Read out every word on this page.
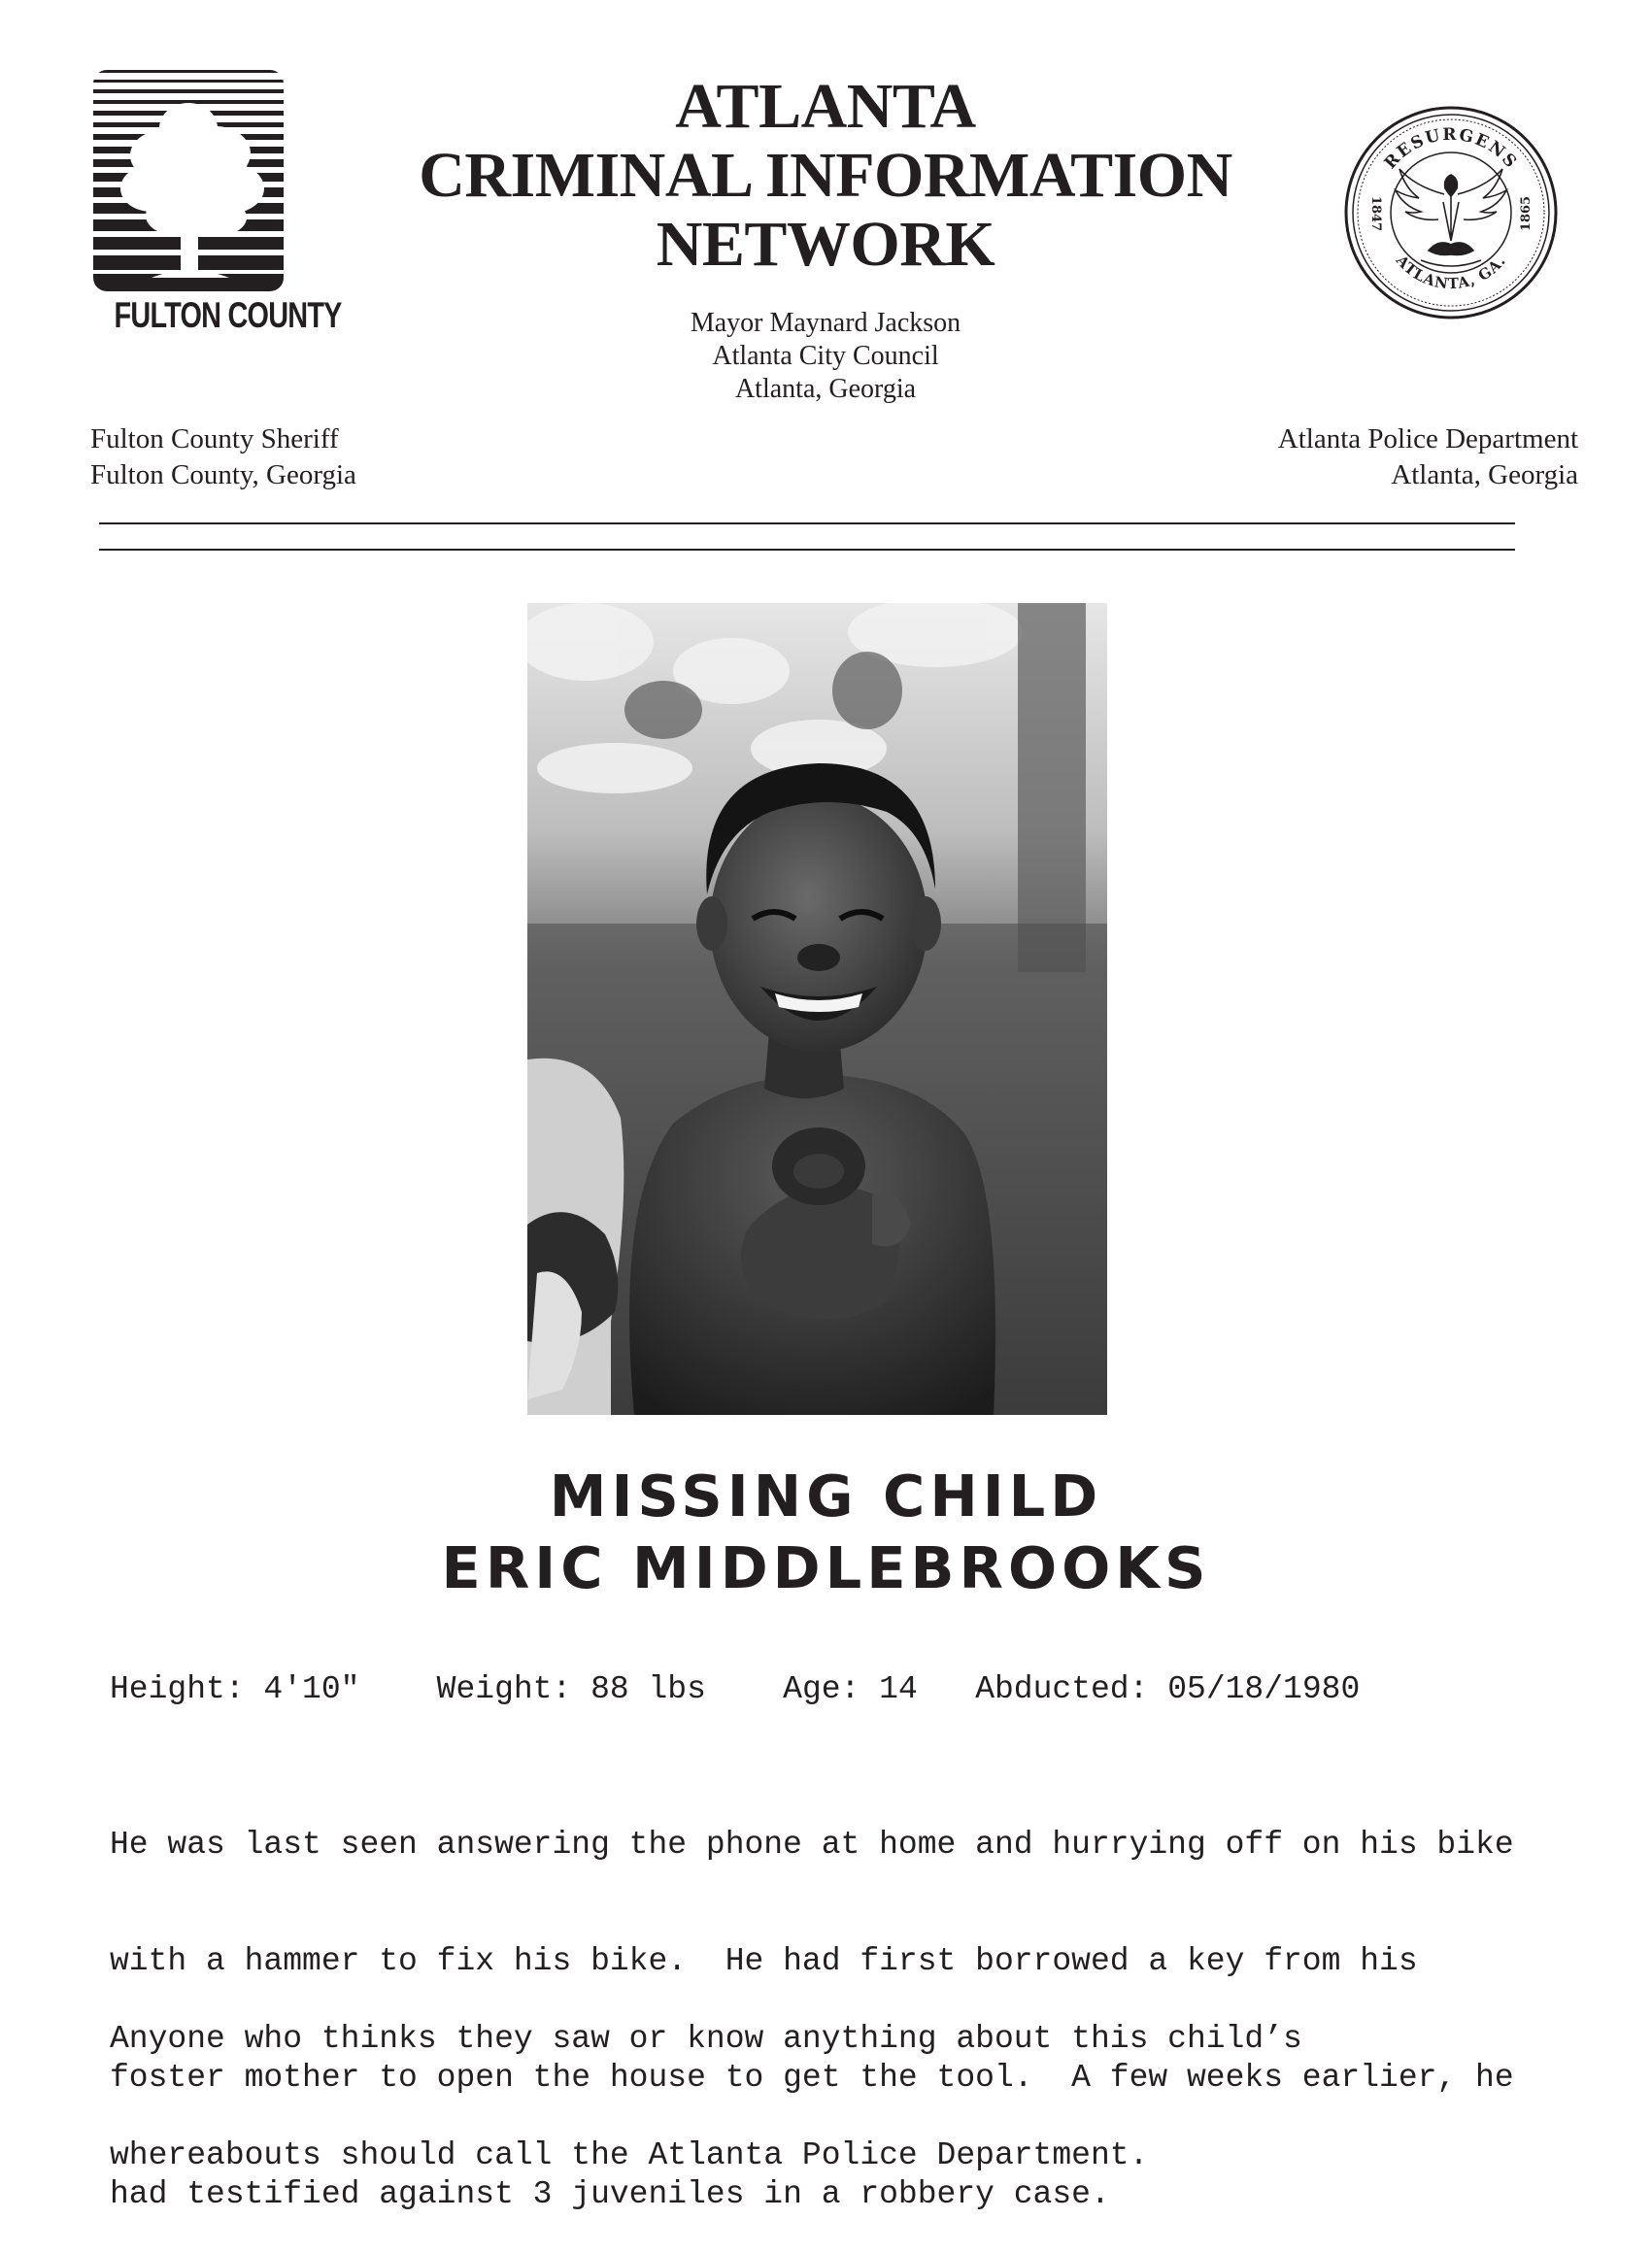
FULTON COUNTY
ATLANTA
CRIMINAL INFORMATION
NETWORK
Mayor Maynard Jackson
Atlanta City Council
Atlanta, Georgia
RESURGENS
ATLANTA, GA.
1847	1865
Fulton County Sheriff
Fulton County, Georgia
Atlanta Police Department
Atlanta, Georgia
MISSING CHILD
ERIC MIDDLEBROOKS
Height: 4'10" Weight: 88 lbs Age: 14 Abducted: 05/18/1980

He was last seen answering the phone at home and hurrying off on his bike

with a hammer to fix his bike.  He had first borrowed a key from his

foster mother to open the house to get the tool.  A few weeks earlier, he

had testified against 3 juveniles in a robbery case.

Anyone who thinks they saw or know anything about this child’s

whereabouts should call the Atlanta Police Department.
